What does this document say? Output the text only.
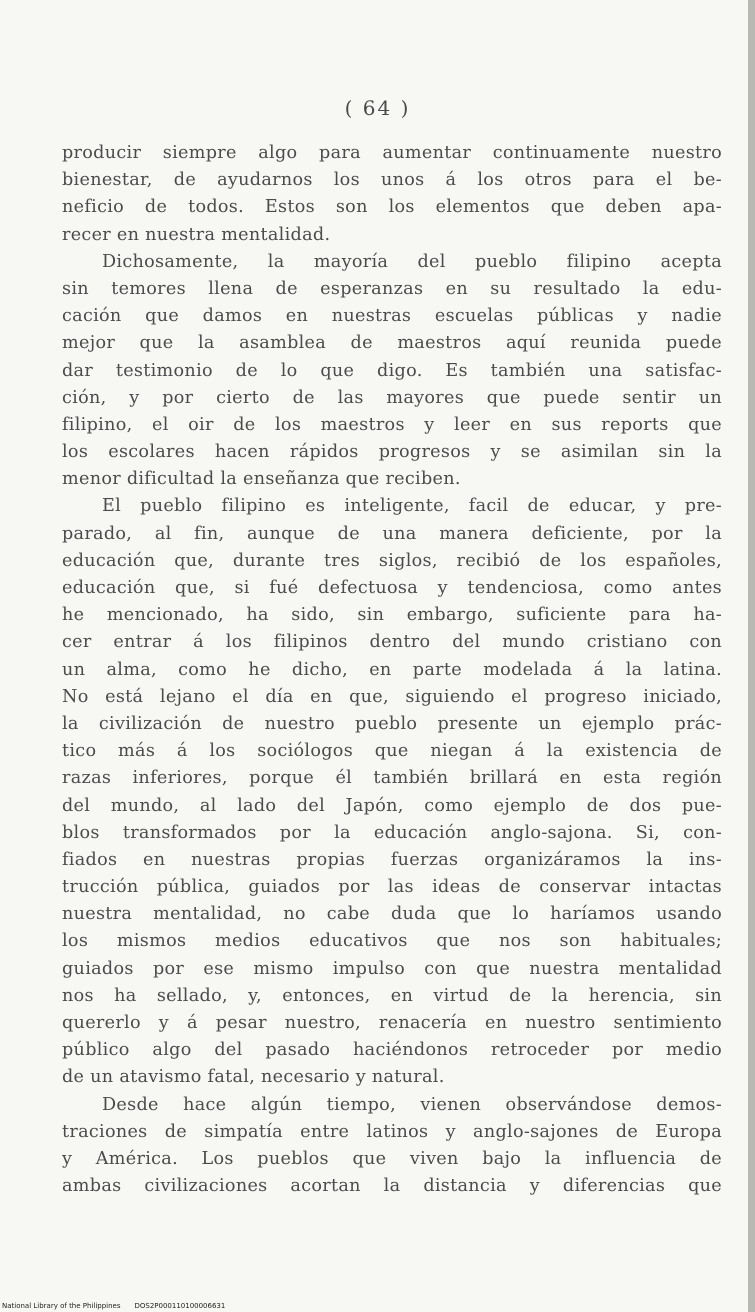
( 64 )
producir siempre algo para aumentar continuamente nuestro
bienestar, de ayudarnos los unos á los otros para el be-
neficio de todos. Estos son los elementos que deben apa-
recer en nuestra mentalidad.
Dichosamente, la mayoría del pueblo filipino acepta
sin temores llena de esperanzas en su resultado la edu-
cación que damos en nuestras escuelas públicas y nadie
mejor que la asamblea de maestros aquí reunida puede
dar testimonio de lo que digo. Es también una satisfac-
ción, y por cierto de las mayores que puede sentir un
filipino, el oir de los maestros y leer en sus reports que
los escolares hacen rápidos progresos y se asimilan sin la
menor dificultad la enseñanza que reciben.
El pueblo filipino es inteligente, facil de educar, y pre-
parado, al fin, aunque de una manera deficiente, por la
educación que, durante tres siglos, recibió de los españoles,
educación que, si fué defectuosa y tendenciosa, como antes
he mencionado, ha sido, sin embargo, suficiente para ha-
cer entrar á los filipinos dentro del mundo cristiano con
un alma, como he dicho, en parte modelada á la latina.
No está lejano el día en que, siguiendo el progreso iniciado,
la civilización de nuestro pueblo presente un ejemplo prác-
tico más á los sociólogos que niegan á la existencia de
razas inferiores, porque él también brillará en esta región
del mundo, al lado del Japón, como ejemplo de dos pue-
blos transformados por la educación anglo-sajona. Si, con-
fiados en nuestras propias fuerzas organizáramos la ins-
trucción pública, guiados por las ideas de conservar intactas
nuestra mentalidad, no cabe duda que lo haríamos usando
los mismos medios educativos que nos son habituales;
guiados por ese mismo impulso con que nuestra mentalidad
nos ha sellado, y, entonces, en virtud de la herencia, sin
quererlo y á pesar nuestro, renacería en nuestro sentimiento
público algo del pasado haciéndonos retroceder por medio
de un atavismo fatal, necesario y natural.
Desde hace algún tiempo, vienen observándose demos-
traciones de simpatía entre latinos y anglo-sajones de Europa
y América. Los pueblos que viven bajo la influencia de
ambas civilizaciones acortan la distancia y diferencias que
National Library of the Philippines DOS2P000110100006631
